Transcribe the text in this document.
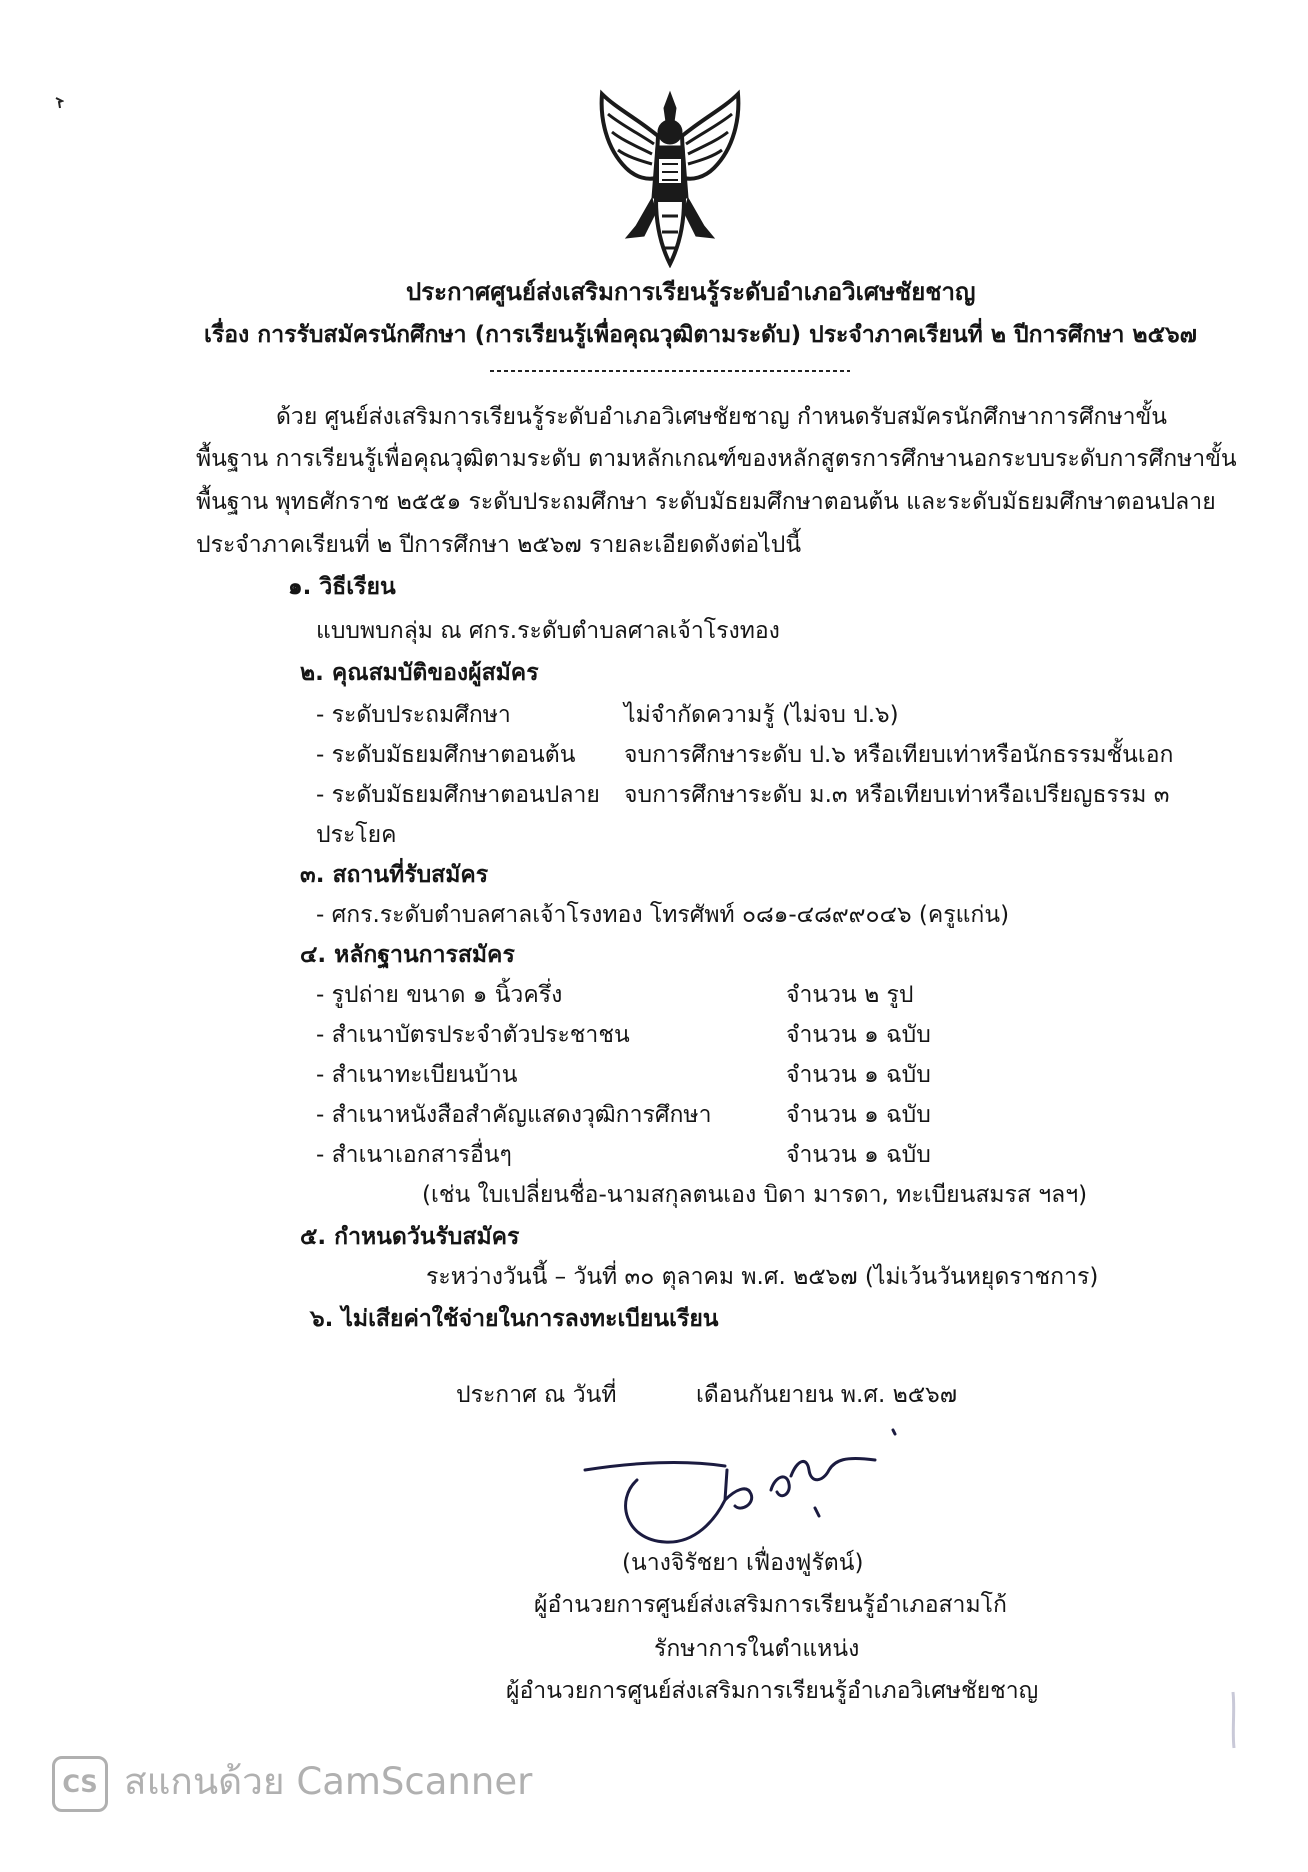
ประกาศศูนย์ส่งเสริมการเรียนรู้ระดับอำเภอวิเศษชัยชาญ
เรื่อง การรับสมัครนักศึกษา (การเรียนรู้เพื่อคุณวุฒิตามระดับ) ประจำภาคเรียนที่ ๒ ปีการศึกษา ๒๕๖๗
ด้วย ศูนย์ส่งเสริมการเรียนรู้ระดับอำเภอวิเศษชัยชาญ กำหนดรับสมัครนักศึกษาการศึกษาขั้น
พื้นฐาน การเรียนรู้เพื่อคุณวุฒิตามระดับ ตามหลักเกณฑ์ของหลักสูตรการศึกษานอกระบบระดับการศึกษาขั้น
พื้นฐาน พุทธศักราช ๒๕๕๑ ระดับประถมศึกษา ระดับมัธยมศึกษาตอนต้น และระดับมัธยมศึกษาตอนปลาย
ประจำภาคเรียนที่ ๒ ปีการศึกษา ๒๕๖๗ รายละเอียดดังต่อไปนี้
๑. วิธีเรียน
แบบพบกลุ่ม ณ ศกร.ระดับตำบลศาลเจ้าโรงทอง
๒. คุณสมบัติของผู้สมัคร
- ระดับประถมศึกษา	ไม่จำกัดความรู้ (ไม่จบ ป.๖)
- ระดับมัธยมศึกษาตอนต้น จบการศึกษาระดับ ป.๖ หรือเทียบเท่าหรือนักธรรมชั้นเอก
- ระดับมัธยมศึกษาตอนปลาย จบการศึกษาระดับ ม.๓ หรือเทียบเท่าหรือเปรียญธรรม ๓
ประโยค
๓. สถานที่รับสมัคร
- ศกร.ระดับตำบลศาลเจ้าโรงทอง โทรศัพท์ ๐๘๑-๔๘๙๙๐๔๖ (ครูแก่น)
๔. หลักฐานการสมัคร
- รูปถ่าย ขนาด ๑ นิ้วครึ่ง	จำนวน ๒ รูป
- สำเนาบัตรประจำตัวประชาชน	จำนวน ๑ ฉบับ
- สำเนาทะเบียนบ้าน	จำนวน ๑ ฉบับ
- สำเนาหนังสือสำคัญแสดงวุฒิการศึกษา	จำนวน ๑ ฉบับ
- สำเนาเอกสารอื่นๆ	จำนวน ๑ ฉบับ
(เช่น ใบเปลี่ยนชื่อ-นามสกุลตนเอง บิดา มารดา, ทะเบียนสมรส ฯลฯ)
๕. กำหนดวันรับสมัคร
ระหว่างวันนี้ – วันที่ ๓๐ ตุลาคม พ.ศ. ๒๕๖๗ (ไม่เว้นวันหยุดราชการ)
๖. ไม่เสียค่าใช้จ่ายในการลงทะเบียนเรียน
ประกาศ ณ วันที่	เดือนกันยายน พ.ศ. ๒๕๖๗
(นางจิรัชยา เฟื่องฟูรัตน์)
ผู้อำนวยการศูนย์ส่งเสริมการเรียนรู้อำเภอสามโก้
รักษาการในตำแหน่ง
ผู้อำนวยการศูนย์ส่งเสริมการเรียนรู้อำเภอวิเศษชัยชาญ
CS สแกนด้วย CamScanner
